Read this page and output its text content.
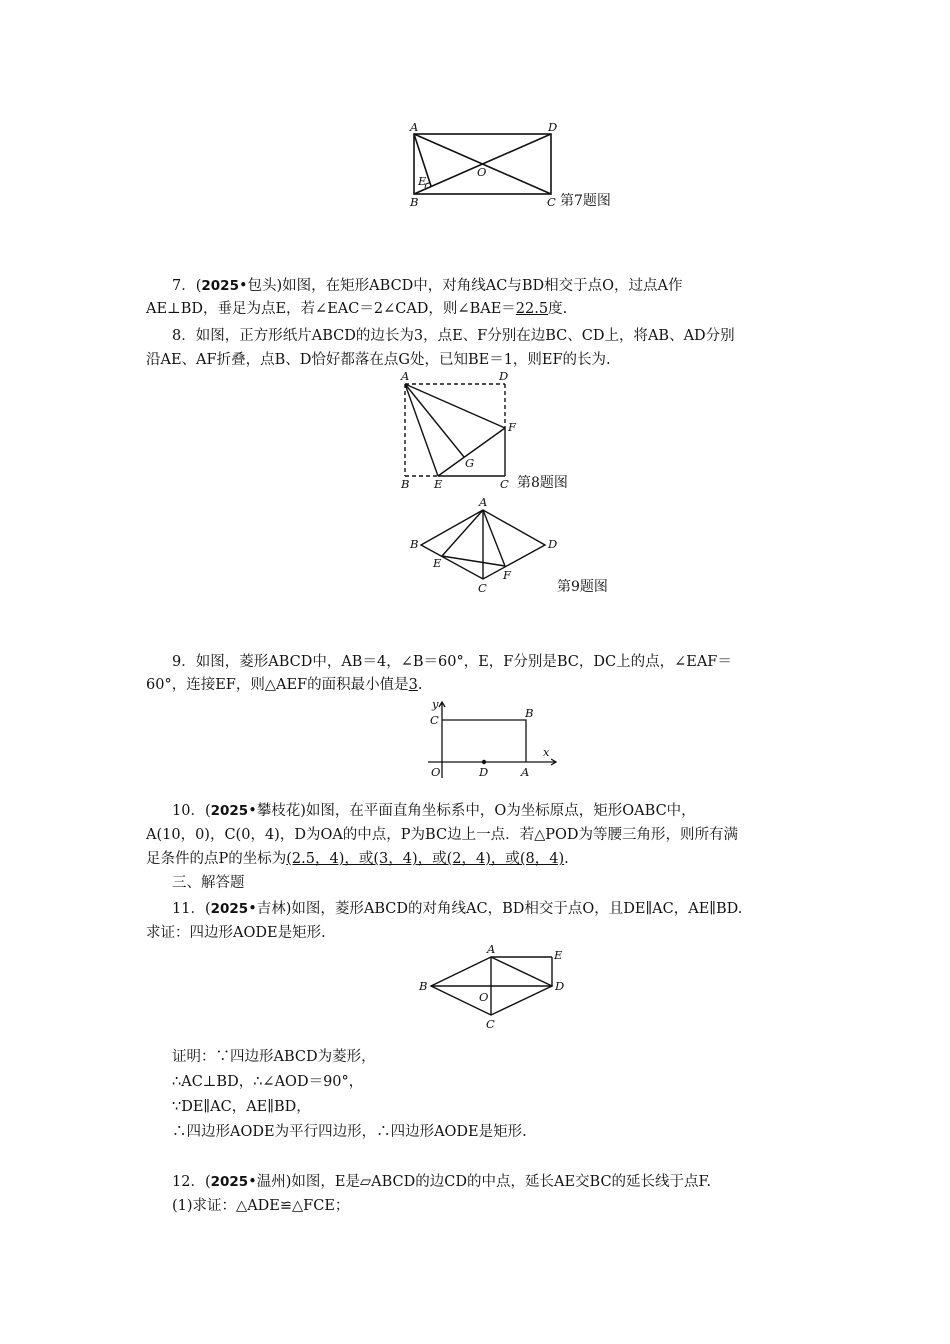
A	D
B	C
O
E
第7题图
7．(2025•包头)如图，在矩形ABCD中，对角线AC与BD相交于点O，过点A作
AE⊥BD，垂足为点E，若∠EAC＝2∠CAD，则∠BAE＝22.5度.
8．如图，正方形纸片ABCD的边长为3，点E、F分别在边BC、CD上，将AB、AD分别
沿AE、AF折叠，点B、D恰好都落在点G处，已知BE＝1，则EF的长为.
A	D
F
G
B E	C 第8题图
A
B	D
E
F
C	第9题图
9．如图，菱形ABCD中，AB＝4，∠B＝60°，E，F分别是BC，DC上的点，∠EAF＝
60°，连接EF，则△AEF的面积最小值是3.
y
C	B
x
O	D	A
10．(2025•攀枝花)如图，在平面直角坐标系中，O为坐标原点，矩形OABC中，
A(10，0)，C(0，4)，D为OA的中点，P为BC边上一点．若△POD为等腰三角形，则所有满
足条件的点P的坐标为(2.5，4)，或(3，4)，或(2，4)，或(8，4).
三、解答题
11．(2025•吉林)如图，菱形ABCD的对角线AC，BD相交于点O，且DE∥AC，AE∥BD.
求证：四边形AODE是矩形.
A	E
B	D
O
C
证明：∵四边形ABCD为菱形，
∴AC⊥BD，∴∠AOD＝90°，
∵DE∥AC，AE∥BD，
∴四边形AODE为平行四边形，∴四边形AODE是矩形.
12．(2025•温州)如图，E是▱ABCD的边CD的中点，延长AE交BC的延长线于点F.
(1)求证：△ADE≌△FCE；
